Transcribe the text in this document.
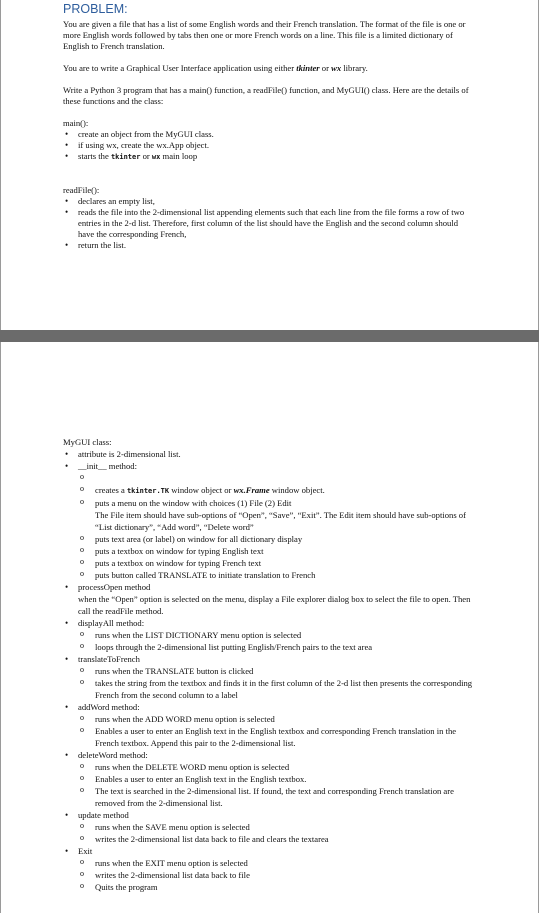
PROBLEM:

You are given a file that has a list of some English words and their French translation. The format of the file is one or more English words followed by tabs then one or more French words on a line. This file is a limited dictionary of English to French translation.

You are to write a Graphical User Interface application using either tkinter or wx library.

Write a Python 3 program that has a main() function, a readFile() function, and MyGUI() class. Here are the details of these functions and the class:

main():

• create an object from the MyGUI class.
• if using wx, create the wx.App object.
• starts the tkinter or wx main loop

readFile():

• declares an empty list,
• reads the file into the 2-dimensional list appending elements such that each line from the file forms a row of two entries in the 2-d list. Therefore, first column of the list should have the English and the second column should have the corresponding French,
• return the list.

MyGUI class:

• attribute is 2-dimensional list.
• __init__ method:
o
o creates a tkinter.TK window object or wx.Frame window object.
o puts a menu on the window with choices (1) File (2) Edit
The File item should have sub-options of “Open”, “Save”, “Exit”. The Edit item should have sub-options of “List dictionary”, “Add word”, “Delete word”
o puts text area (or label) on window for all dictionary display
o puts a textbox on window for typing English text
o puts a textbox on window for typing French text
o puts button called TRANSLATE to initiate translation to French
• processOpen method
when the “Open” option is selected on the menu, display a File explorer dialog box to select the file to open. Then call the readFile method.
• displayAll method:
o runs when the LIST DICTIONARY menu option is selected
o loops through the 2-dimensional list putting English/French pairs to the text area
• translateToFrench
o runs when the TRANSLATE button is clicked
o takes the string from the textbox and finds it in the first column of the 2-d list then presents the corresponding French from the second column to a label
• addWord method:
o runs when the ADD WORD menu option is selected
o Enables a user to enter an English text in the English textbox and corresponding French translation in the French textbox. Append this pair to the 2-dimensional list.
• deleteWord method:
o runs when the DELETE WORD menu option is selected
o Enables a user to enter an English text in the English textbox.
o The text is searched in the 2-dimensional list. If found, the text and corresponding French translation are removed from the 2-dimensional list.
• update method
o runs when the SAVE menu option is selected
o writes the 2-dimensional list data back to file and clears the textarea
• Exit
o runs when the EXIT menu option is selected
o writes the 2-dimensional list data back to file
o Quits the program
